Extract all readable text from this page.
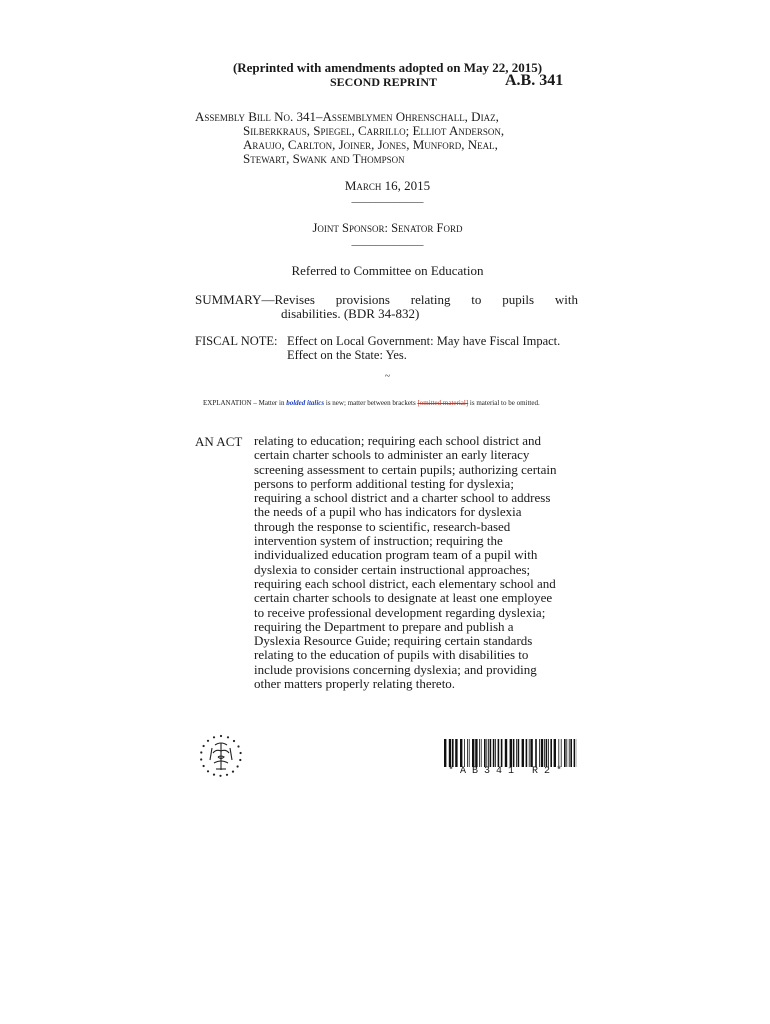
(Reprinted with amendments adopted on May 22, 2015)

SECOND REPRINT	A.B. 341

Assembly Bill No. 341–Assemblymen Ohrenschall, Diaz,

Silberkraus, Spiegel, Carrillo; Elliot Anderson,

Araujo, Carlton, Joiner, Jones, Munford, Neal,

Stewart, Swank and Thompson

March 16, 2015

____________

Joint Sponsor: Senator Ford

____________

Referred to Committee on Education

SUMMARY— Revises provisions relating to pupils with

disabilities. (BDR 34-832)

FISCAL NOTE: Effect on Local Government: May have Fiscal Impact.

Effect on the State: Yes.

~

EXPLANATION – Matter in bolded italics is new; matter between brackets [omitted material] is material to be omitted.

AN ACT relating to education; requiring each school district and
certain charter schools to administer an early literacy
screening assessment to certain pupils; authorizing certain
persons to perform additional testing for dyslexia;
requiring a school district and a charter school to address
the needs of a pupil who has indicators for dyslexia
through the response to scientific, research-based
intervention system of instruction; requiring the
individualized education program team of a pupil with
dyslexia to consider certain instructional approaches;
requiring each school district, each elementary school and
certain charter schools to designate at least one employee
to receive professional development regarding dyslexia;
requiring the Department to prepare and publish a
Dyslexia Resource Guide; requiring certain standards
relating to the education of pupils with disabilities to
include provisions concerning dyslexia; and providing
other matters properly relating thereto.

* A B 3 4 1   R 2 *
